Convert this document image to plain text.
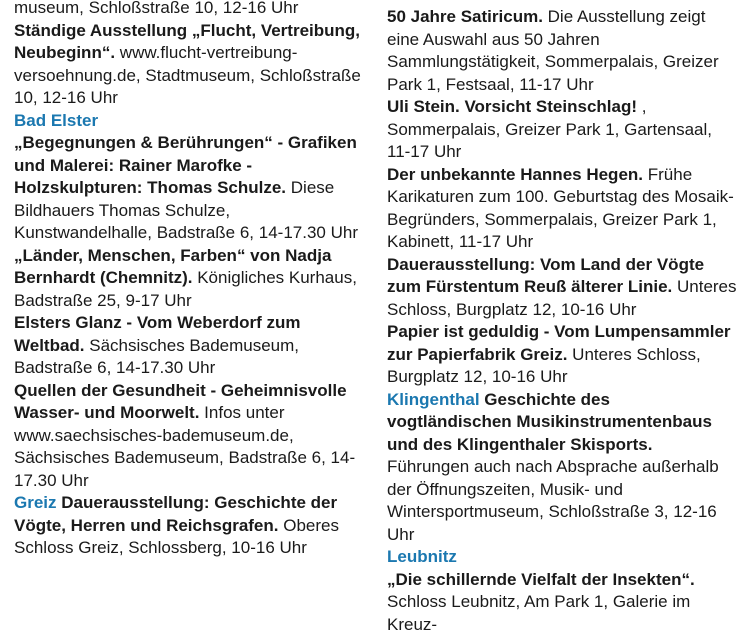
museum, Schloßstraße 10, 12-16 Uhr

Ständige Ausstellung „Flucht, Vertreibung, Neubeginn“. www.flucht-vertreibung-versoehnung.de, Stadtmuseum, Schloßstraße 10, 12-16 Uhr

Bad Elster

„Begegnungen & Berührungen“ - Grafiken und Malerei: Rainer Marofke - Holzskulpturen: Thomas Schulze. Diese Bildhauers Thomas Schulze, Kunstwandelhalle, Badstraße 6, 14-17.30 Uhr

„Länder, Menschen, Farben“ von Nadja Bernhardt (Chemnitz). Königliches Kurhaus, Badstraße 25, 9-17 Uhr

Elsters Glanz - Vom Weberdorf zum Weltbad. Sächsisches Bademuseum, Badstraße 6, 14-17.30 Uhr

Quellen der Gesundheit - Geheimnisvolle Wasser- und Moorwelt. Infos unter www.saechsisches-bademuseum.de, Sächsisches Bademuseum, Badstraße 6, 14-17.30 Uhr

Greiz Dauerausstellung: Geschichte der Vögte, Herren und Reichsgrafen. Oberes Schloss Greiz, Schlossberg, 10-16 Uhr

50 Jahre Satiricum. Die Ausstellung zeigt eine Auswahl aus 50 Jahren Sammlungstätigkeit, Sommerpalais, Greizer Park 1, Festsaal, 11-17 Uhr

Uli Stein. Vorsicht Steinschlag! , Sommerpalais, Greizer Park 1, Gartensaal, 11-17 Uhr

Der unbekannte Hannes Hegen. Frühe Karikaturen zum 100. Geburtstag des Mosaik-Begründers, Sommerpalais, Greizer Park 1, Kabinett, 11-17 Uhr

Dauerausstellung: Vom Land der Vögte zum Fürstentum Reuß älterer Linie. Unteres Schloss, Burgplatz 12, 10-16 Uhr

Papier ist geduldig - Vom Lumpensammler zur Papierfabrik Greiz. Unteres Schloss, Burgplatz 12, 10-16 Uhr

Klingenthal Geschichte des vogtländischen Musikinstrumentenbaus und des Klingenthaler Skisports. Führungen auch nach Absprache außerhalb der Öffnungszeiten, Musik- und Wintersportmuseum, Schloßstraße 3, 12-16 Uhr

Leubnitz

„Die schillernde Vielfalt der Insekten“. Schloss Leubnitz, Am Park 1, Galerie im Kreuz-
